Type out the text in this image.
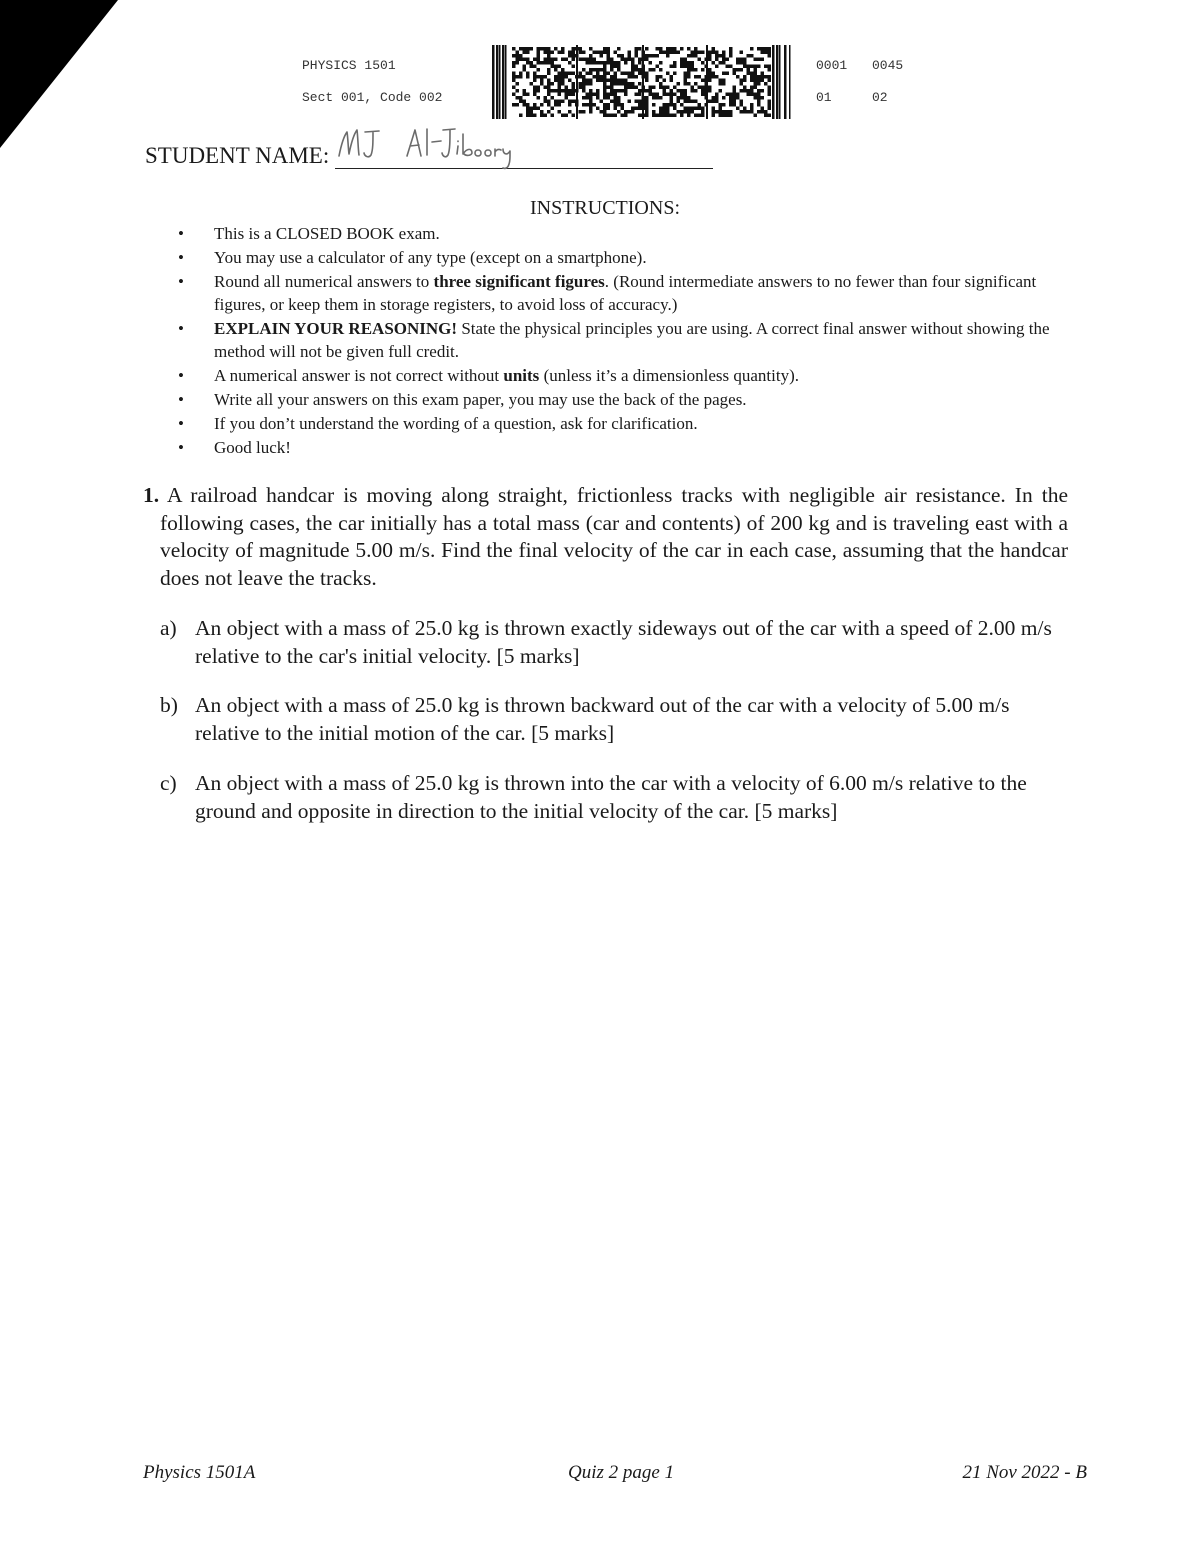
PHYSICS 1501
Sect 001, Code 002
0001	0045
01	02
STUDENT NAME:
INSTRUCTIONS:
• This is a CLOSED BOOK exam.
• You may use a calculator of any type (except on a smartphone).
• Round all numerical answers to three significant figures. (Round intermediate answers to no fewer than four significant figures, or keep them in storage registers, to avoid loss of accuracy.)
• EXPLAIN YOUR REASONING! State the physical principles you are using. A correct final answer without showing the method will not be given full credit.
• A numerical answer is not correct without units (unless it’s a dimensionless quantity).
• Write all your answers on this exam paper, you may use the back of the pages.
• If you don’t understand the wording of a question, ask for clarification.
• Good luck!
1. A railroad handcar is moving along straight, frictionless tracks with negligible air resistance. In the following cases, the car initially has a total mass (car and contents) of 200 kg and is traveling east with a velocity of magnitude 5.00 m/s. Find the final velocity of the car in each case, assuming that the handcar does not leave the tracks.
a) An object with a mass of 25.0 kg is thrown exactly sideways out of the car with a speed of 2.00 m/s relative to the car's initial velocity. [5 marks]
b) An object with a mass of 25.0 kg is thrown backward out of the car with a velocity of 5.00 m/s relative to the initial motion of the car. [5 marks]
c) An object with a mass of 25.0 kg is thrown into the car with a velocity of 6.00 m/s relative to the ground and opposite in direction to the initial velocity of the car. [5 marks]
Physics 1501A	Quiz 2 page 1	21 Nov 2022 - B
